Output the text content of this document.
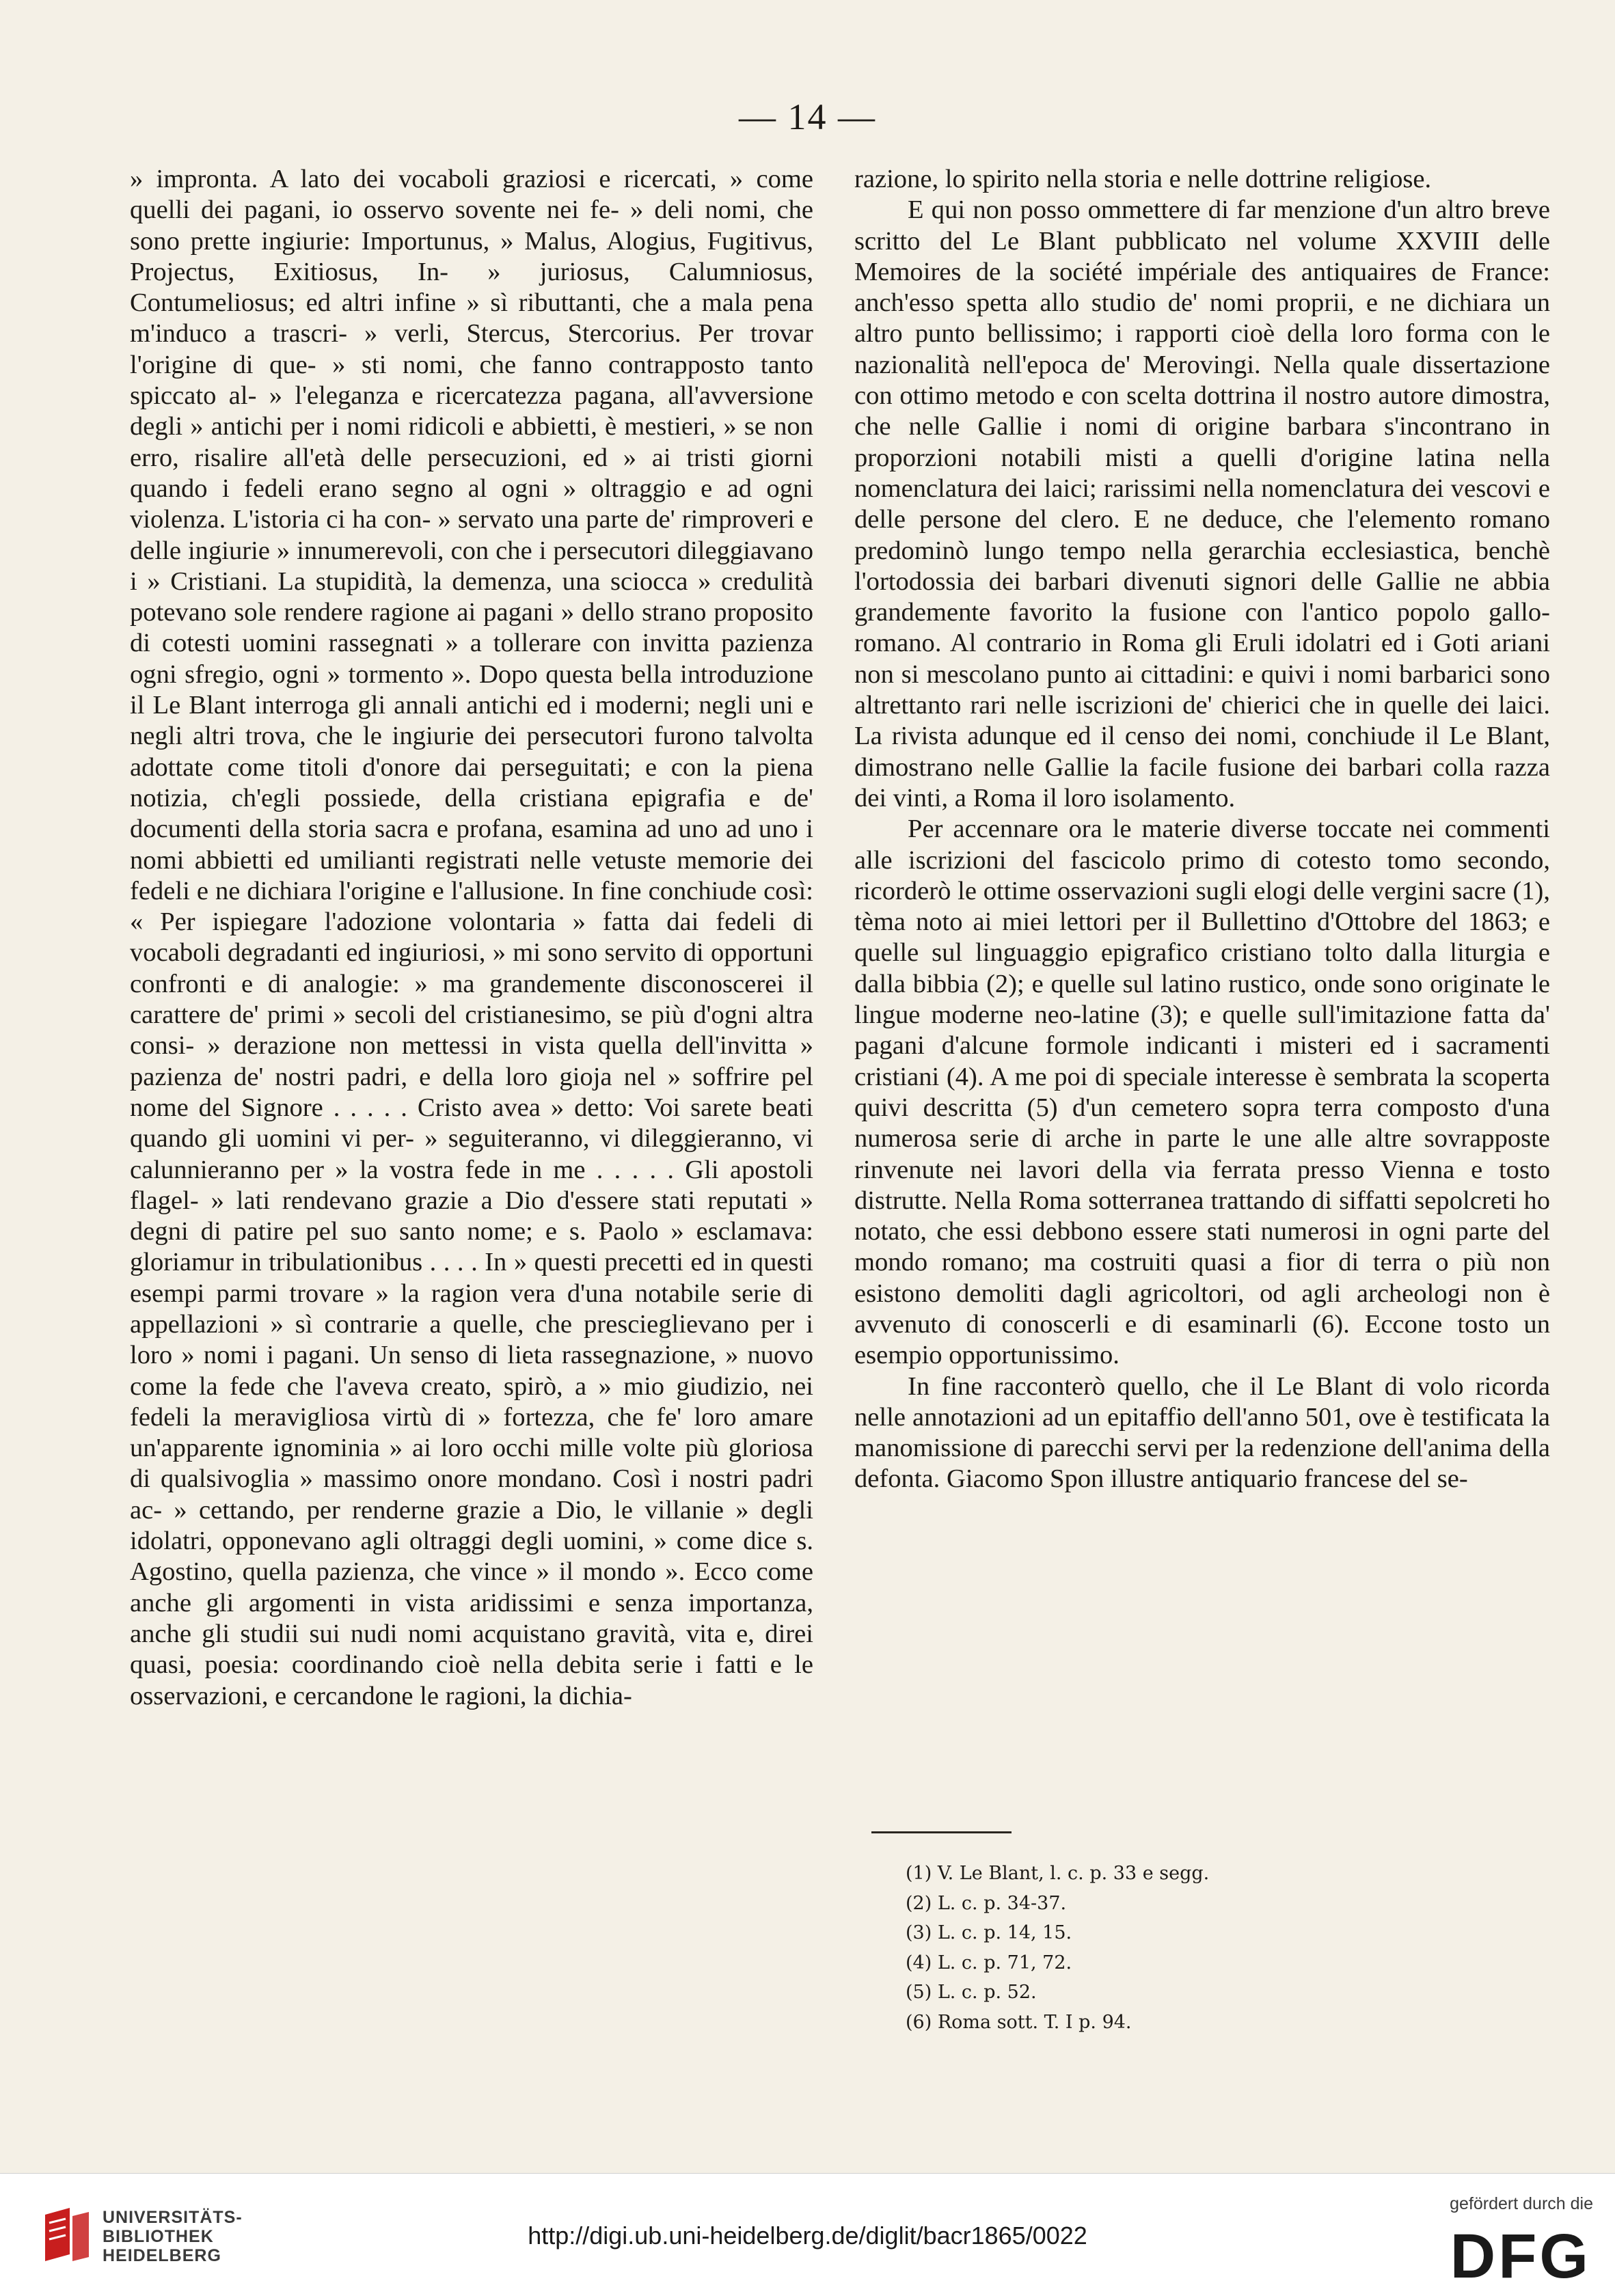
— 14 —

» impronta. A lato dei vocaboli graziosi e ricercati, » come quelli dei pagani, io osservo sovente nei fe- » deli nomi, che sono prette ingiurie: Importunus, » Malus, Alogius, Fugitivus, Projectus, Exitiosus, In- » juriosus, Calumniosus, Contumeliosus; ed altri infine » sì ributtanti, che a mala pena m'induco a trascri- » verli, Stercus, Stercorius. Per trovar l'origine di que- » sti nomi, che fanno contrapposto tanto spiccato al- » l'eleganza e ricercatezza pagana, all'avversione degli » antichi per i nomi ridicoli e abbietti, è mestieri, » se non erro, risalire all'età delle persecuzioni, ed » ai tristi giorni quando i fedeli erano segno al ogni » oltraggio e ad ogni violenza. L'istoria ci ha con- » servato una parte de' rimproveri e delle ingiurie » innumerevoli, con che i persecutori dileggiavano i » Cristiani. La stupidità, la demenza, una sciocca » credulità potevano sole rendere ragione ai pagani » dello strano proposito di cotesti uomini rassegnati » a tollerare con invitta pazienza ogni sfregio, ogni » tormento ». Dopo questa bella introduzione il Le Blant interroga gli annali antichi ed i moderni; negli uni e negli altri trova, che le ingiurie dei persecutori furono talvolta adottate come titoli d'onore dai perseguitati; e con la piena notizia, ch'egli possiede, della cristiana epigrafia e de' documenti della storia sacra e profana, esamina ad uno ad uno i nomi abbietti ed umilianti registrati nelle vetuste memorie dei fedeli e ne dichiara l'origine e l'allusione. In fine conchiude così: « Per ispiegare l'adozione volontaria » fatta dai fedeli di vocaboli degradanti ed ingiuriosi, » mi sono servito di opportuni confronti e di analogie: » ma grandemente disconoscerei il carattere de' primi » secoli del cristianesimo, se più d'ogni altra consi- » derazione non mettessi in vista quella dell'invitta » pazienza de' nostri padri, e della loro gioja nel » soffrire pel nome del Signore . . . . . Cristo avea » detto: Voi sarete beati quando gli uomini vi per- » seguiteranno, vi dileggieranno, vi calunnieranno per » la vostra fede in me . . . . . Gli apostoli flagel- » lati rendevano grazie a Dio d'essere stati reputati » degni di patire pel suo santo nome; e s. Paolo » esclamava: gloriamur in tribulationibus . . . . In » questi precetti ed in questi esempi parmi trovare » la ragion vera d'una notabile serie di appellazioni » sì contrarie a quelle, che prescieglievano per i loro » nomi i pagani. Un senso di lieta rassegnazione, » nuovo come la fede che l'aveva creato, spirò, a » mio giudizio, nei fedeli la meravigliosa virtù di » fortezza, che fe' loro amare un'apparente ignominia » ai loro occhi mille volte più gloriosa di qualsivoglia » massimo onore mondano. Così i nostri padri ac- » cettando, per renderne grazie a Dio, le villanie » degli idolatri, opponevano agli oltraggi degli uomini, » come dice s. Agostino, quella pazienza, che vince » il mondo ». Ecco come anche gli argomenti in vista aridissimi e senza importanza, anche gli studii sui nudi nomi acquistano gravità, vita e, direi quasi, poesia: coordinando cioè nella debita serie i fatti e le osservazioni, e cercandone le ragioni, la dichia-

razione, lo spirito nella storia e nelle dottrine religiose.

E qui non posso ommettere di far menzione d'un altro breve scritto del Le Blant pubblicato nel volume XXVIII delle Memoires de la société impériale des antiquaires de France: anch'esso spetta allo studio de' nomi proprii, e ne dichiara un altro punto bellissimo; i rapporti cioè della loro forma con le nazionalità nell'epoca de' Merovingi. Nella quale dissertazione con ottimo metodo e con scelta dottrina il nostro autore dimostra, che nelle Gallie i nomi di origine barbara s'incontrano in proporzioni notabili misti a quelli d'origine latina nella nomenclatura dei laici; rarissimi nella nomenclatura dei vescovi e delle persone del clero. E ne deduce, che l'elemento romano predominò lungo tempo nella gerarchia ecclesiastica, benchè l'ortodossia dei barbari divenuti signori delle Gallie ne abbia grandemente favorito la fusione con l'antico popolo gallo-romano. Al contrario in Roma gli Eruli idolatri ed i Goti ariani non si mescolano punto ai cittadini: e quivi i nomi barbarici sono altrettanto rari nelle iscrizioni de' chierici che in quelle dei laici. La rivista adunque ed il censo dei nomi, conchiude il Le Blant, dimostrano nelle Gallie la facile fusione dei barbari colla razza dei vinti, a Roma il loro isolamento.

Per accennare ora le materie diverse toccate nei commenti alle iscrizioni del fascicolo primo di cotesto tomo secondo, ricorderò le ottime osservazioni sugli elogi delle vergini sacre (1), tèma noto ai miei lettori per il Bullettino d'Ottobre del 1863; e quelle sul linguaggio epigrafico cristiano tolto dalla liturgia e dalla bibbia (2); e quelle sul latino rustico, onde sono originate le lingue moderne neo-latine (3); e quelle sull'imitazione fatta da' pagani d'alcune formole indicanti i misteri ed i sacramenti cristiani (4). A me poi di speciale interesse è sembrata la scoperta quivi descritta (5) d'un cemetero sopra terra composto d'una numerosa serie di arche in parte le une alle altre sovrapposte rinvenute nei lavori della via ferrata presso Vienna e tosto distrutte. Nella Roma sotterranea trattando di siffatti sepolcreti ho notato, che essi debbono essere stati numerosi in ogni parte del mondo romano; ma costruiti quasi a fior di terra o più non esistono demoliti dagli agricoltori, od agli archeologi non è avvenuto di conoscerli e di esaminarli (6). Eccone tosto un esempio opportunissimo.

In fine racconterò quello, che il Le Blant di volo ricorda nelle annotazioni ad un epitaffio dell'anno 501, ove è testificata la manomissione di parecchi servi per la redenzione dell'anima della defonta. Giacomo Spon illustre antiquario francese del se-

(1) V. Le Blant, l. c. p. 33 e segg.
(2) L. c. p. 34-37.
(3) L. c. p. 14, 15.
(4) L. c. p. 71, 72.
(5) L. c. p. 52.
(6) Roma sott. T. I p. 94.
UNIVERSITÄTS-
BIBLIOTHEK
HEIDELBERG
http://digi.ub.uni-heidelberg.de/diglit/bacr1865/0022
gefördert durch die
DFG
